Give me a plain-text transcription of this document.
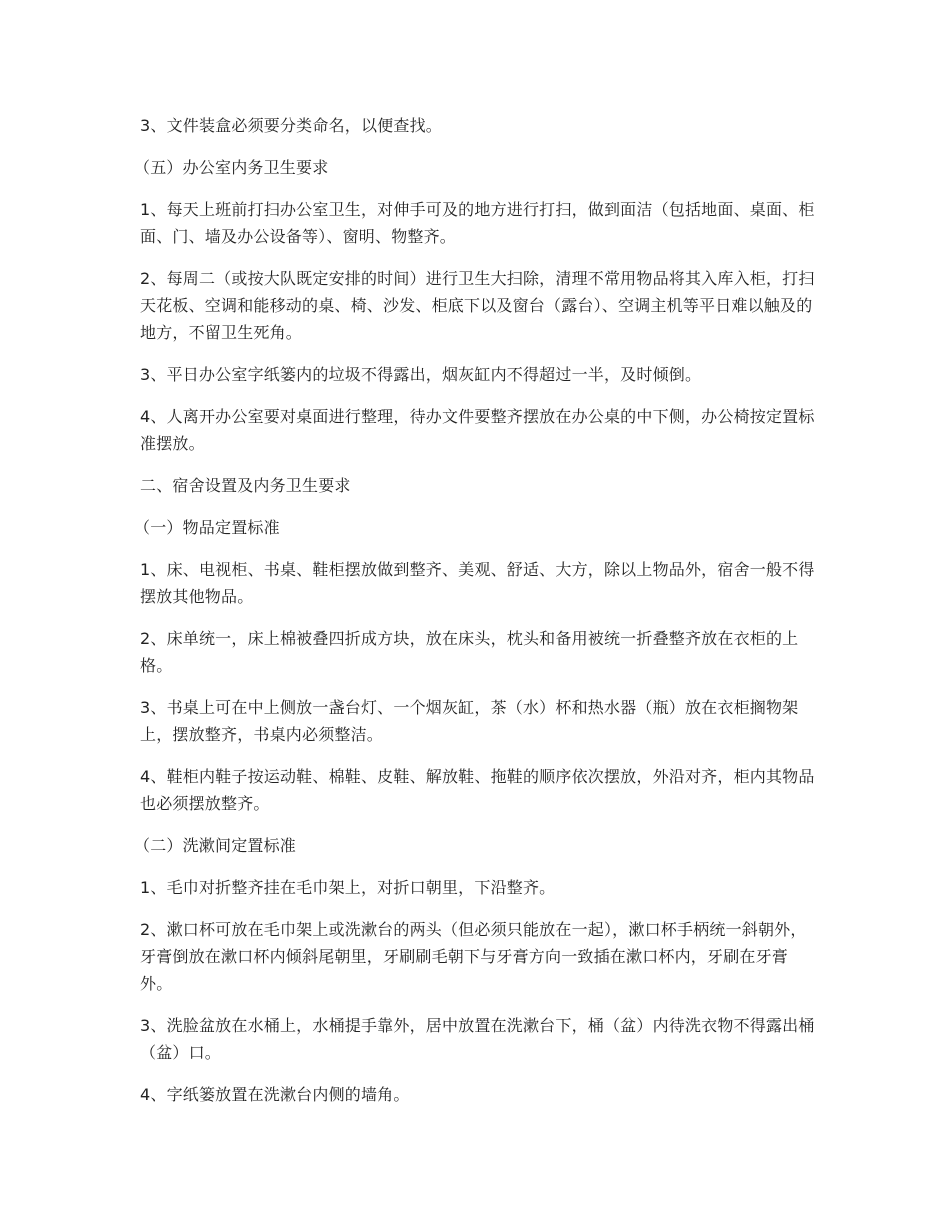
3、文件装盒必须要分类命名，以便查找。

（五）办公室内务卫生要求

1、每天上班前打扫办公室卫生，对伸手可及的地方进行打扫，做到面洁（包括地面、桌面、柜面、门、墙及办公设备等）、窗明、物整齐。

2、每周二（或按大队既定安排的时间）进行卫生大扫除，清理不常用物品将其入库入柜，打扫天花板、空调和能移动的桌、椅、沙发、柜底下以及窗台（露台）、空调主机等平日难以触及的地方，不留卫生死角。

3、平日办公室字纸篓内的垃圾不得露出，烟灰缸内不得超过一半，及时倾倒。

4、人离开办公室要对桌面进行整理，待办文件要整齐摆放在办公桌的中下侧，办公椅按定置标准摆放。

二、宿舍设置及内务卫生要求

（一）物品定置标准

1、床、电视柜、书桌、鞋柜摆放做到整齐、美观、舒适、大方，除以上物品外，宿舍一般不得摆放其他物品。

2、床单统一，床上棉被叠四折成方块，放在床头，枕头和备用被统一折叠整齐放在衣柜的上格。

3、书桌上可在中上侧放一盏台灯、一个烟灰缸，茶（水）杯和热水器（瓶）放在衣柜搁物架上，摆放整齐，书桌内必须整洁。

4、鞋柜内鞋子按运动鞋、棉鞋、皮鞋、解放鞋、拖鞋的顺序依次摆放，外沿对齐，柜内其物品也必须摆放整齐。

（二）洗漱间定置标准

1、毛巾对折整齐挂在毛巾架上，对折口朝里，下沿整齐。

2、漱口杯可放在毛巾架上或洗漱台的两头（但必须只能放在一起），漱口杯手柄统一斜朝外，牙膏倒放在漱口杯内倾斜尾朝里，牙刷刷毛朝下与牙膏方向一致插在漱口杯内，牙刷在牙膏外。

3、洗脸盆放在水桶上，水桶提手靠外，居中放置在洗漱台下，桶（盆）内待洗衣物不得露出桶（盆）口。

4、字纸篓放置在洗漱台内侧的墙角。
